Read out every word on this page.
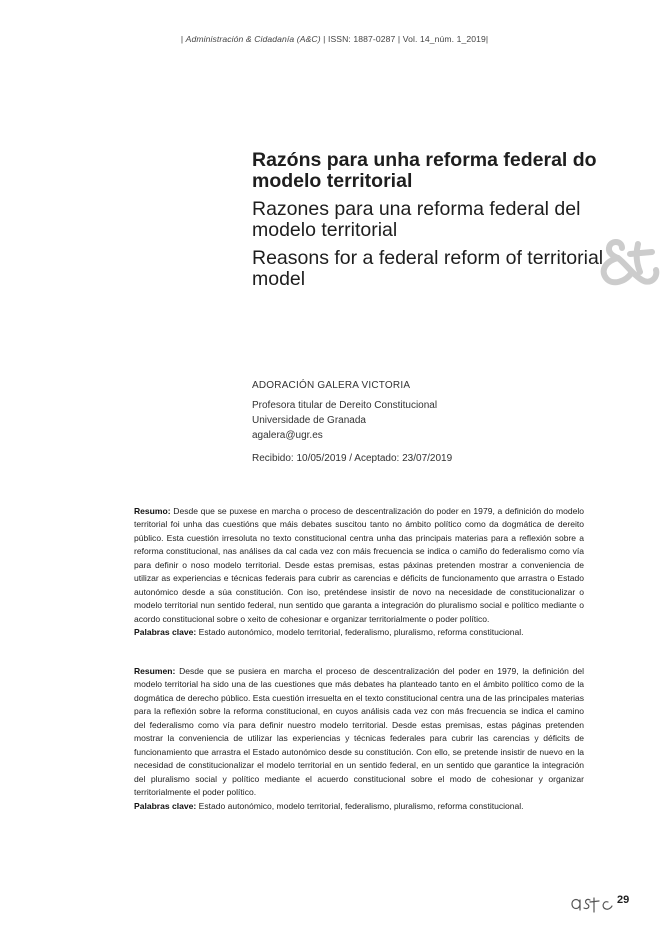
| Administración & Cidadanía (A&C) | ISSN: 1887-0287 | Vol. 14_núm. 1_2019|
Razóns para unha reforma federal do modelo territorial
Razones para una reforma federal del modelo territorial
Reasons for a federal reform of territorial model
ADORACIÓN GALERA VICTORIA

Profesora titular de Dereito Constitucional

Universidade de Granada

agalera@ugr.es

Recibido: 10/05/2019 / Aceptado: 23/07/2019

Resumo: Desde que se puxese en marcha o proceso de descentralización do poder en 1979, a definición do modelo territorial foi unha das cuestións que máis debates suscitou tanto no ámbito político como da dogmática de dereito público. Esta cuestión irresoluta no texto constitucional centra unha das principais materias para a reflexión sobre a reforma constitucional, nas análises da cal cada vez con máis frecuencia se indica o camiño do federalismo como vía para definir o noso modelo territorial. Desde estas premisas, estas páxinas pretenden mostrar a conveniencia de utilizar as experiencias e técnicas federais para cubrir as carencias e déficits de funcionamento que arrastra o Estado autonómico desde a súa constitución. Con iso, preténdese insistir de novo na necesidade de constitucionalizar o modelo territorial nun sentido federal, nun sentido que garanta a integración do pluralismo social e político mediante o acordo constitucional sobre o xeito de cohesionar e organizar territorialmente o poder político.

Palabras clave: Estado autonómico, modelo territorial, federalismo, pluralismo, reforma constitucional.

Resumen: Desde que se pusiera en marcha el proceso de descentralización del poder en 1979, la definición del modelo territorial ha sido una de las cuestiones que más debates ha planteado tanto en el ámbito político como de la dogmática de derecho público. Esta cuestión irresuelta en el texto constitucional centra una de las principales materias para la reflexión sobre la reforma constitucional, en cuyos análisis cada vez con más frecuencia se indica el camino del federalismo como vía para definir nuestro modelo territorial. Desde estas premisas, estas páginas pretenden mostrar la conveniencia de utilizar las experiencias y técnicas federales para cubrir las carencias y déficits de funcionamiento que arrastra el Estado autonómico desde su constitución. Con ello, se pretende insistir de nuevo en la necesidad de constitucionalizar el modelo territorial en un sentido federal, en un sentido que garantice la integración del pluralismo social y político mediante el acuerdo constitucional sobre el modo de cohesionar y organizar territorialmente el poder político.

Palabras clave: Estado autonómico, modelo territorial, federalismo, pluralismo, reforma constitucional.

29
